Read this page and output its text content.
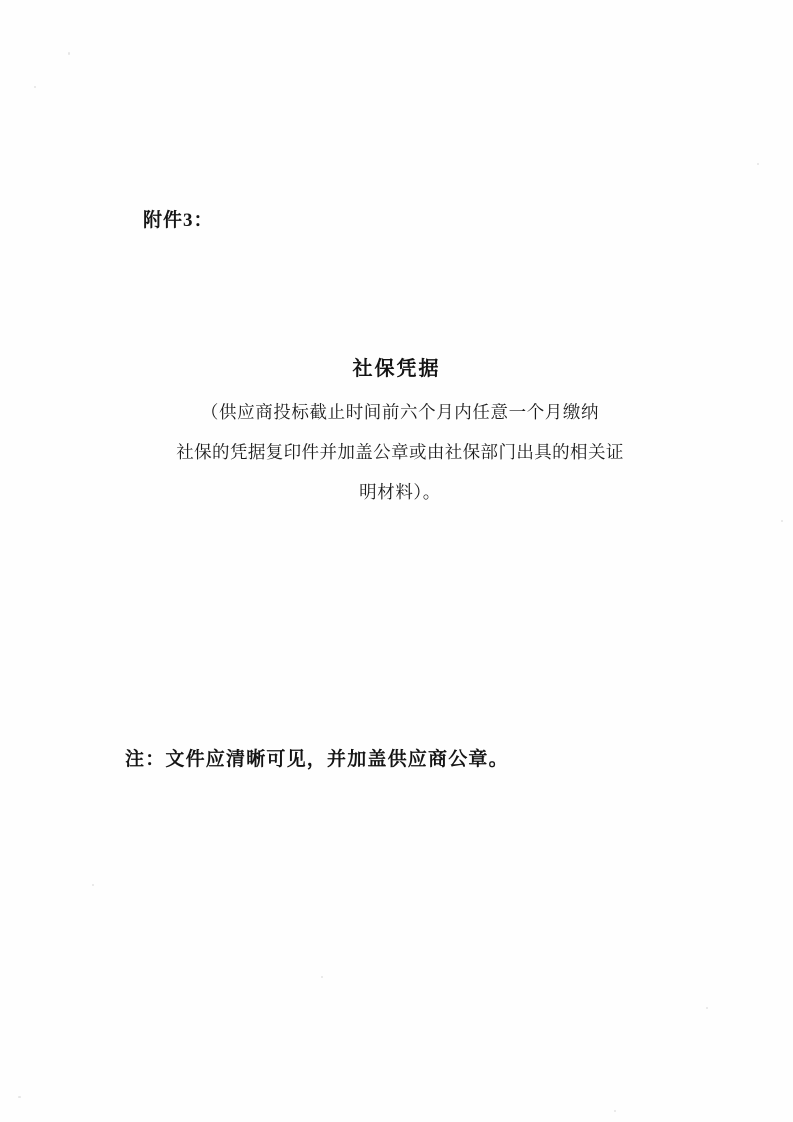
附件3：
社保凭据
（供应商投标截止时间前六个月内任意一个月缴纳
社保的凭据复印件并加盖公章或由社保部门出具的相关证
明材料）。
注：文件应清晰可见，并加盖供应商公章。
